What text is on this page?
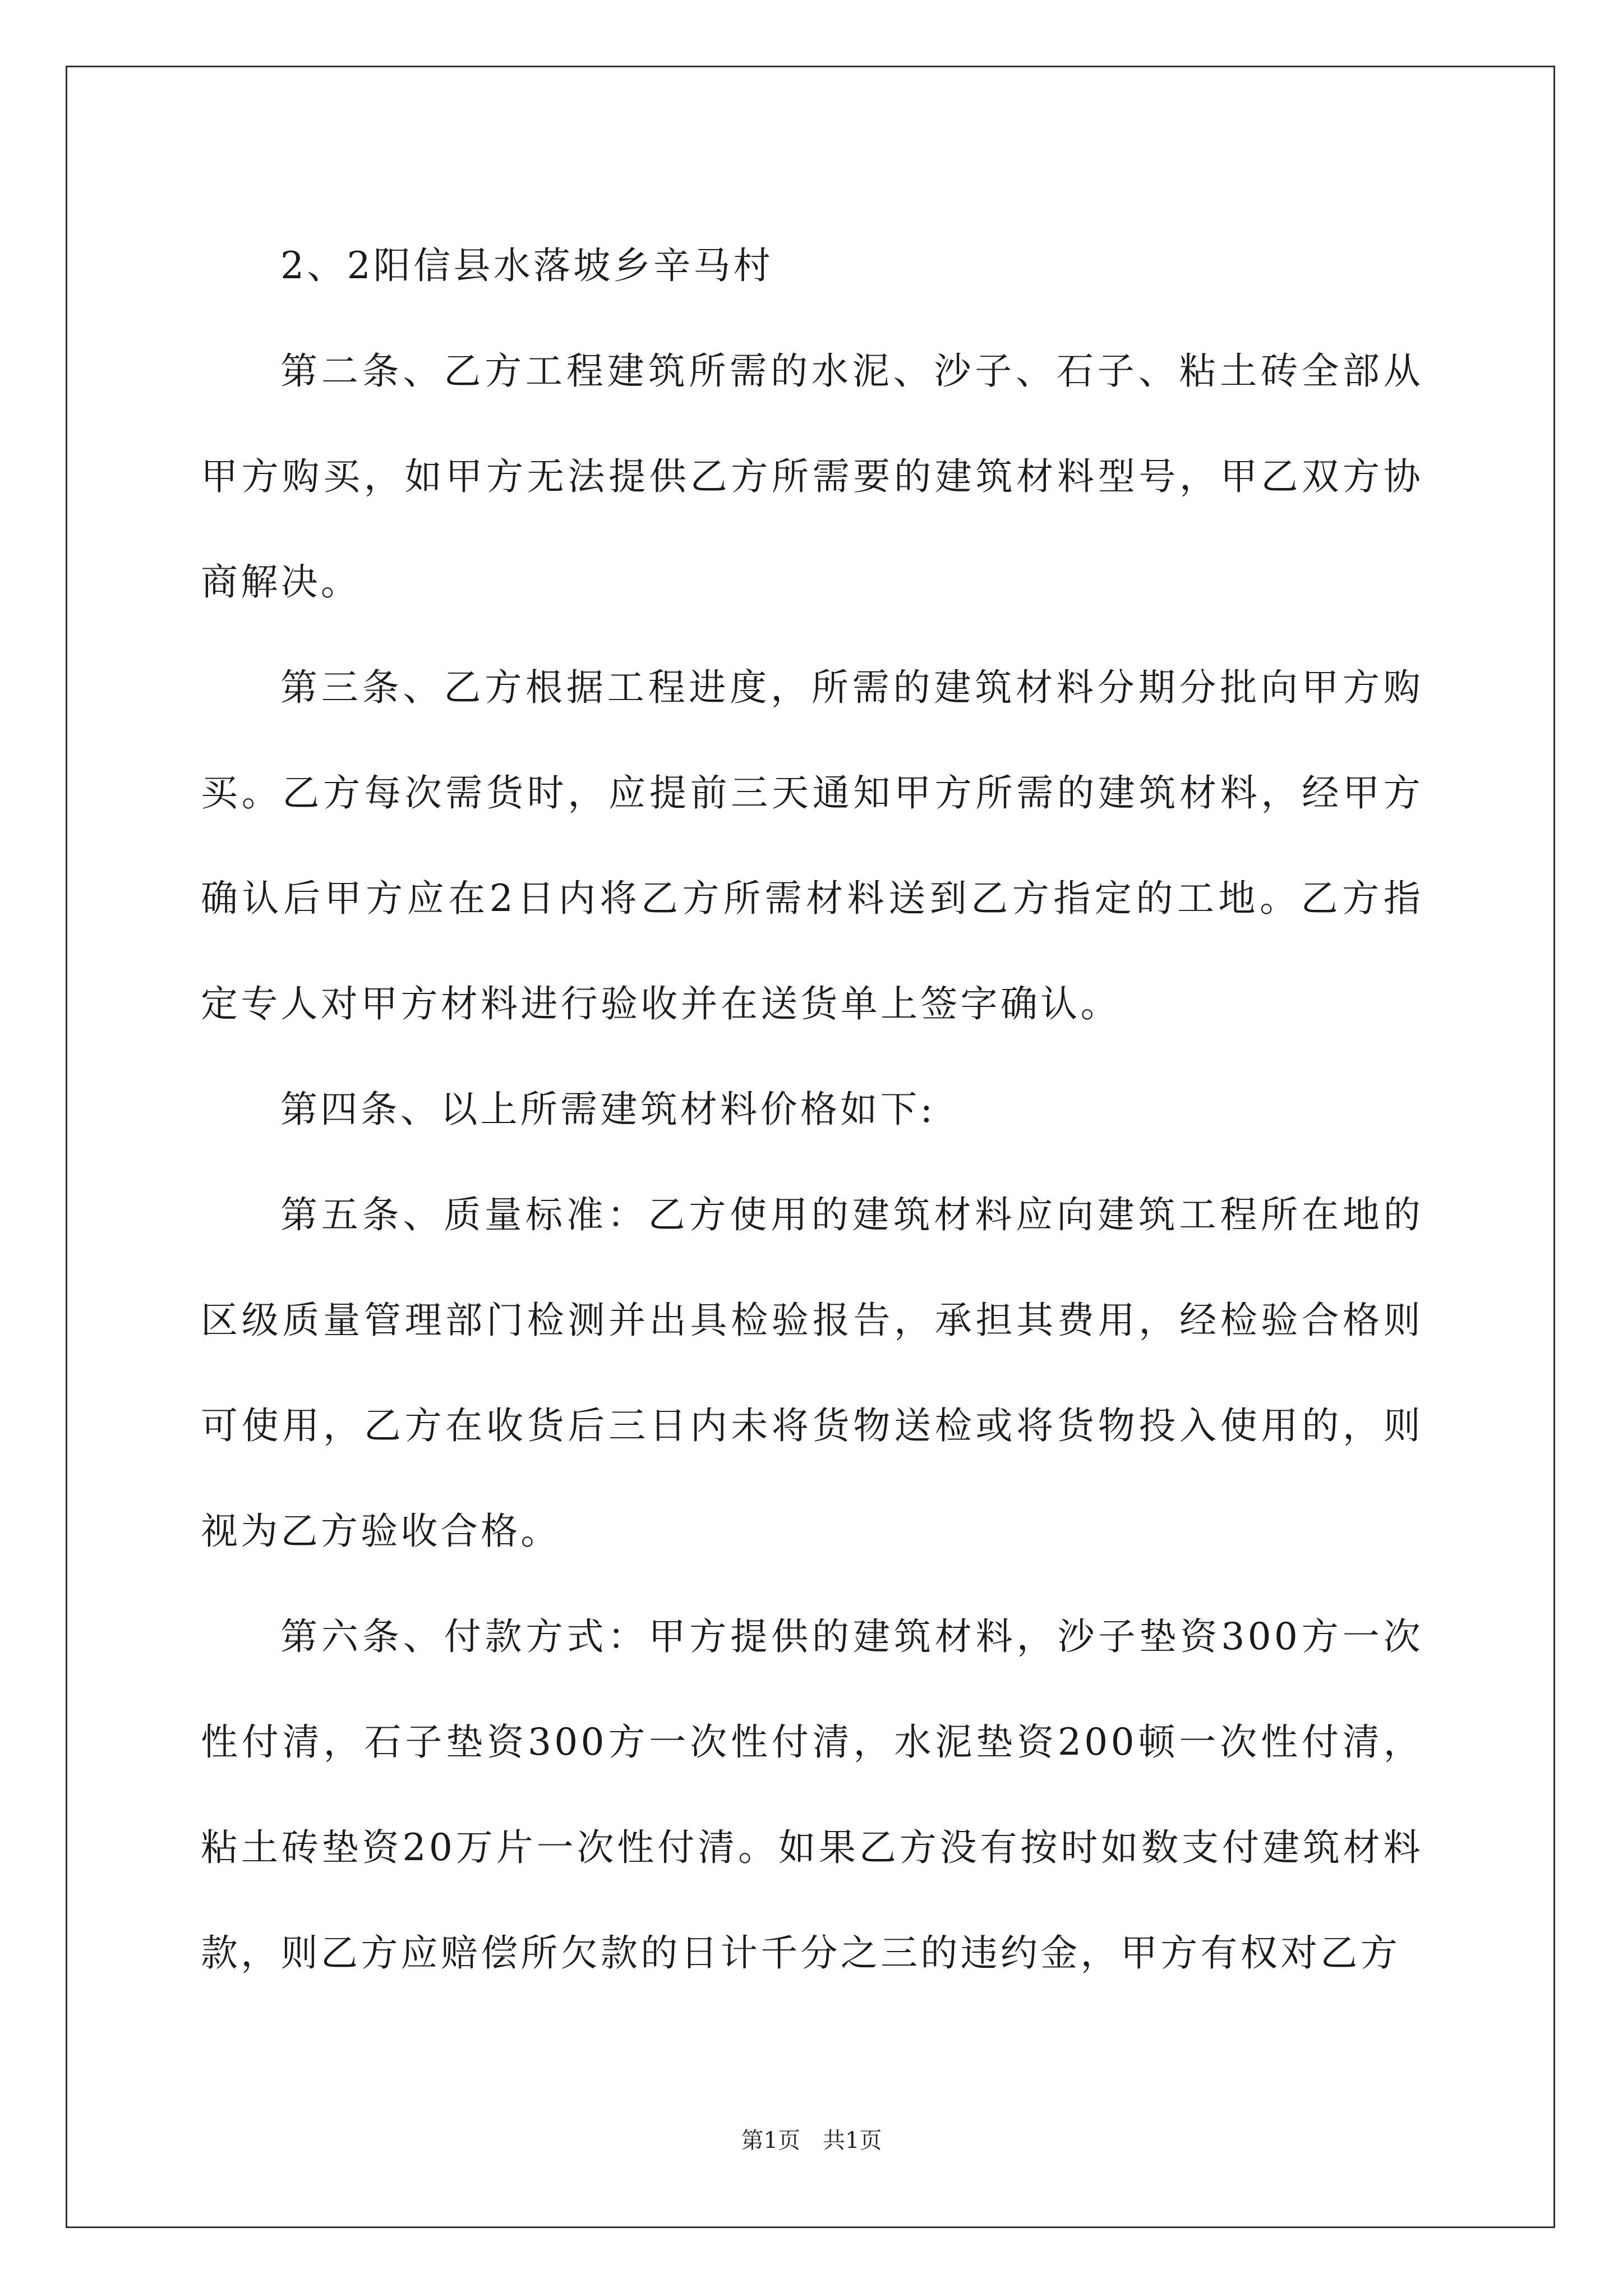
2、2阳信县水落坡乡辛马村

第二条、乙方工程建筑所需的水泥、沙子、石子、粘土砖全部从甲方购买，如甲方无法提供乙方所需要的建筑材料型号，甲乙双方协商解决。

第三条、乙方根据工程进度，所需的建筑材料分期分批向甲方购买。乙方每次需货时，应提前三天通知甲方所需的建筑材料，经甲方确认后甲方应在2日内将乙方所需材料送到乙方指定的工地。乙方指定专人对甲方材料进行验收并在送货单上签字确认。

第四条、以上所需建筑材料价格如下:

第五条、质量标准：乙方使用的建筑材料应向建筑工程所在地的区级质量管理部门检测并出具检验报告，承担其费用，经检验合格则可使用，乙方在收货后三日内未将货物送检或将货物投入使用的，则视为乙方验收合格。

第六条、付款方式：甲方提供的建筑材料，沙子垫资300方一次性付清，石子垫资300方一次性付清，水泥垫资200顿一次性付清，粘土砖垫资20万片一次性付清。如果乙方没有按时如数支付建筑材料款，则乙方应赔偿所欠款的日计千分之三的违约金，甲方有权对乙方

第1页 共1页
